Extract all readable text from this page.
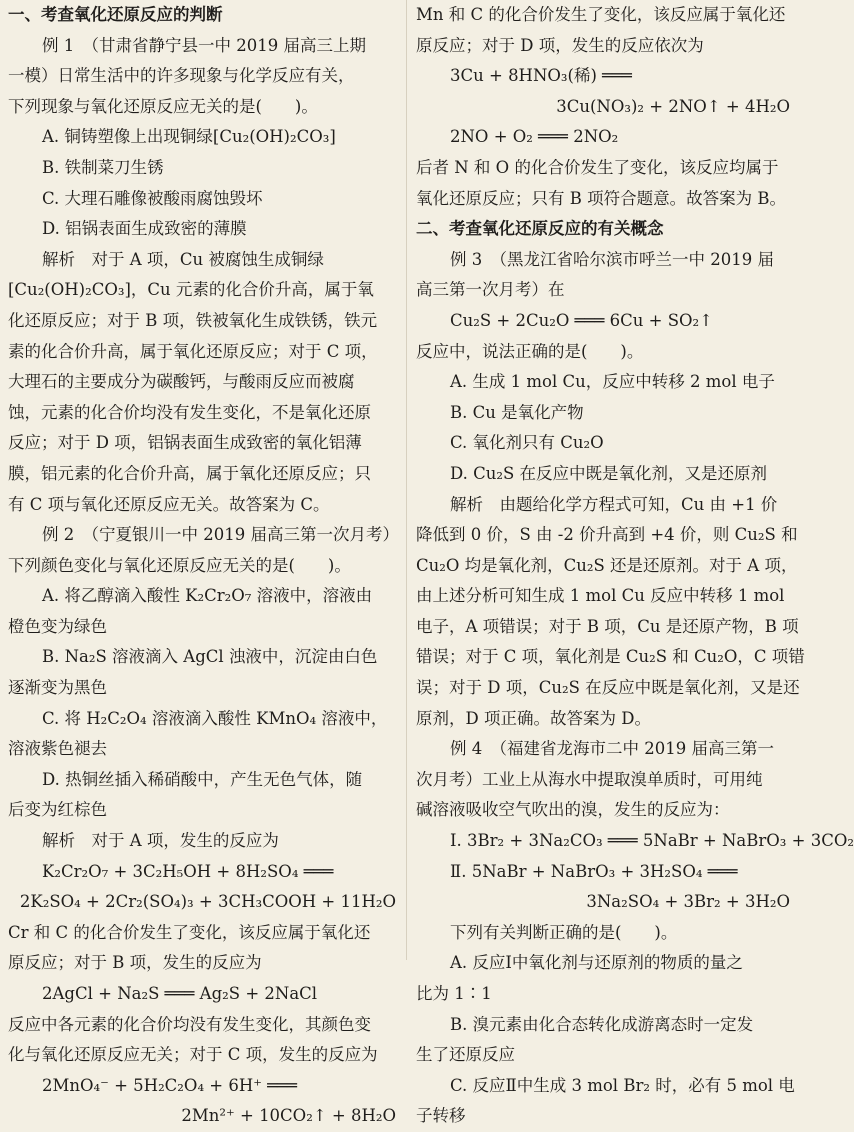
一、考查氧化还原反应的判断
例 1　（甘肃省静宁县一中 2019 届高三上期
一模）日常生活中的许多现象与化学反应有关，
下列现象与氧化还原反应无关的是(　　)。
A. 铜铸塑像上出现铜绿[Cu₂(OH)₂CO₃]
B. 铁制菜刀生锈
C. 大理石雕像被酸雨腐蚀毁坏
D. 铝锅表面生成致密的薄膜
解析　对于 A 项，Cu 被腐蚀生成铜绿
[Cu₂(OH)₂CO₃]，Cu 元素的化合价升高，属于氧
化还原反应；对于 B 项，铁被氧化生成铁锈，铁元
素的化合价升高，属于氧化还原反应；对于 C 项，
大理石的主要成分为碳酸钙，与酸雨反应而被腐
蚀，元素的化合价均没有发生变化，不是氧化还原
反应；对于 D 项，铝锅表面生成致密的氧化铝薄
膜，铝元素的化合价升高，属于氧化还原反应；只
有 C 项与氧化还原反应无关。故答案为 C。
例 2　（宁夏银川一中 2019 届高三第一次月考）
下列颜色变化与氧化还原反应无关的是(　　)。
A. 将乙醇滴入酸性 K₂Cr₂O₇ 溶液中，溶液由
橙色变为绿色
B. Na₂S 溶液滴入 AgCl 浊液中，沉淀由白色
逐渐变为黑色
C. 将 H₂C₂O₄ 溶液滴入酸性 KMnO₄ 溶液中，
溶液紫色褪去
D. 热铜丝插入稀硝酸中，产生无色气体，随
后变为红棕色
解析　对于 A 项，发生的反应为
K₂Cr₂O₇ + 3C₂H₅OH + 8H₂SO₄ ═══
2K₂SO₄ + 2Cr₂(SO₄)₃ + 3CH₃COOH + 11H₂O
Cr 和 C 的化合价发生了变化，该反应属于氧化还
原反应；对于 B 项，发生的反应为
2AgCl + Na₂S ═══ Ag₂S + 2NaCl
反应中各元素的化合价均没有发生变化，其颜色变
化与氧化还原反应无关；对于 C 项，发生的反应为
2MnO₄⁻ + 5H₂C₂O₄ + 6H⁺ ═══
2Mn²⁺ + 10CO₂↑ + 8H₂O
Mn 和 C 的化合价发生了变化，该反应属于氧化还
原反应；对于 D 项，发生的反应依次为
3Cu + 8HNO₃(稀) ═══
3Cu(NO₃)₂ + 2NO↑ + 4H₂O
2NO + O₂ ═══ 2NO₂
后者 N 和 O 的化合价发生了变化，该反应均属于
氧化还原反应；只有 B 项符合题意。故答案为 B。
二、考查氧化还原反应的有关概念
例 3　（黑龙江省哈尔滨市呼兰一中 2019 届
高三第一次月考）在
Cu₂S + 2Cu₂O ═══ 6Cu + SO₂↑
反应中，说法正确的是(　　)。
A. 生成 1 mol Cu，反应中转移 2 mol 电子
B. Cu 是氧化产物
C. 氧化剂只有 Cu₂O
D. Cu₂S 在反应中既是氧化剂，又是还原剂
解析　由题给化学方程式可知，Cu 由 +1 价
降低到 0 价，S 由 -2 价升高到 +4 价，则 Cu₂S 和
Cu₂O 均是氧化剂，Cu₂S 还是还原剂。对于 A 项，
由上述分析可知生成 1 mol Cu 反应中转移 1 mol
电子，A 项错误；对于 B 项，Cu 是还原产物，B 项
错误；对于 C 项，氧化剂是 Cu₂S 和 Cu₂O，C 项错
误；对于 D 项，Cu₂S 在反应中既是氧化剂，又是还
原剂，D 项正确。故答案为 D。
例 4　（福建省龙海市二中 2019 届高三第一
次月考）工业上从海水中提取溴单质时，可用纯
碱溶液吸收空气吹出的溴，发生的反应为：
Ⅰ. 3Br₂ + 3Na₂CO₃ ═══ 5NaBr + NaBrO₃ + 3CO₂
Ⅱ. 5NaBr + NaBrO₃ + 3H₂SO₄ ═══
3Na₂SO₄ + 3Br₂ + 3H₂O
下列有关判断正确的是(　　)。
A. 反应Ⅰ中氧化剂与还原剂的物质的量之
比为 1∶1
B. 溴元素由化合态转化成游离态时一定发
生了还原反应
C. 反应Ⅱ中生成 3 mol Br₂ 时，必有 5 mol 电
子转移
